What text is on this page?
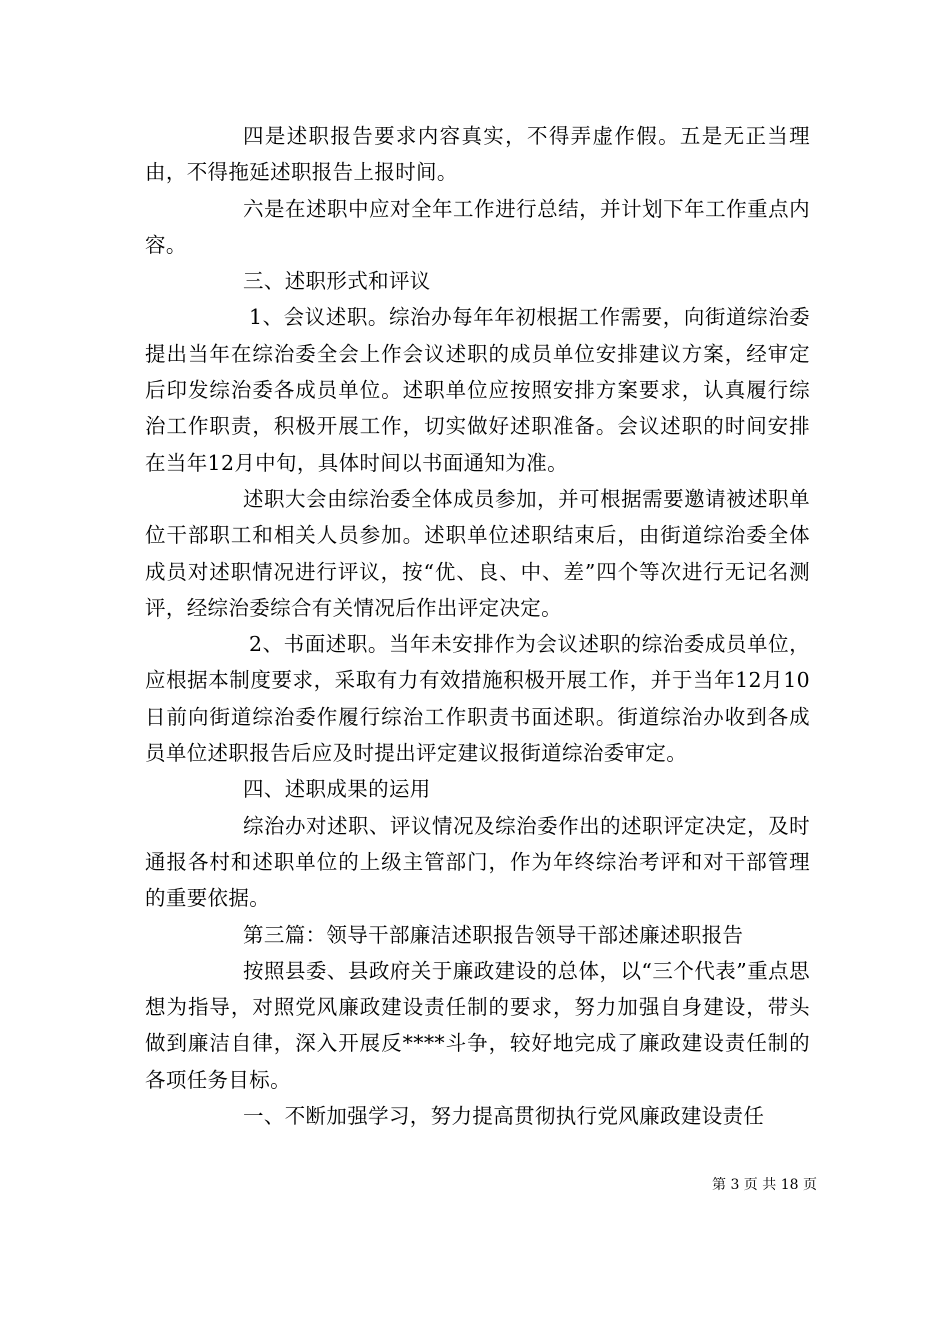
四是述职报告要求内容真实，不得弄虚作假。五是无正当理由，不得拖延述职报告上报时间。

六是在述职中应对全年工作进行总结，并计划下年工作重点内容。

三、述职形式和评议

1、会议述职。综治办每年年初根据工作需要，向街道综治委提出当年在综治委全会上作会议述职的成员单位安排建议方案，经审定后印发综治委各成员单位。述职单位应按照安排方案要求，认真履行综治工作职责，积极开展工作，切实做好述职准备。会议述职的时间安排在当年12月中旬，具体时间以书面通知为准。

述职大会由综治委全体成员参加，并可根据需要邀请被述职单位干部职工和相关人员参加。述职单位述职结束后，由街道综治委全体成员对述职情况进行评议，按“优、良、中、差”四个等次进行无记名测评，经综治委综合有关情况后作出评定决定。

2、书面述职。当年未安排作为会议述职的综治委成员单位，应根据本制度要求，采取有力有效措施积极开展工作，并于当年12月10日前向街道综治委作履行综治工作职责书面述职。街道综治办收到各成员单位述职报告后应及时提出评定建议报街道综治委审定。

四、述职成果的运用

综治办对述职、评议情况及综治委作出的述职评定决定，及时通报各村和述职单位的上级主管部门，作为年终综治考评和对干部管理的重要依据。

第三篇：领导干部廉洁述职报告领导干部述廉述职报告

按照县委、县政府关于廉政建设的总体，以“三个代表”重点思想为指导，对照党风廉政建设责任制的要求，努力加强自身建设，带头做到廉洁自律，深入开展反****斗争，较好地完成了廉政建设责任制的各项任务目标。

一、不断加强学习，努力提高贯彻执行党风廉政建设责任

第 3 页 共 18 页
